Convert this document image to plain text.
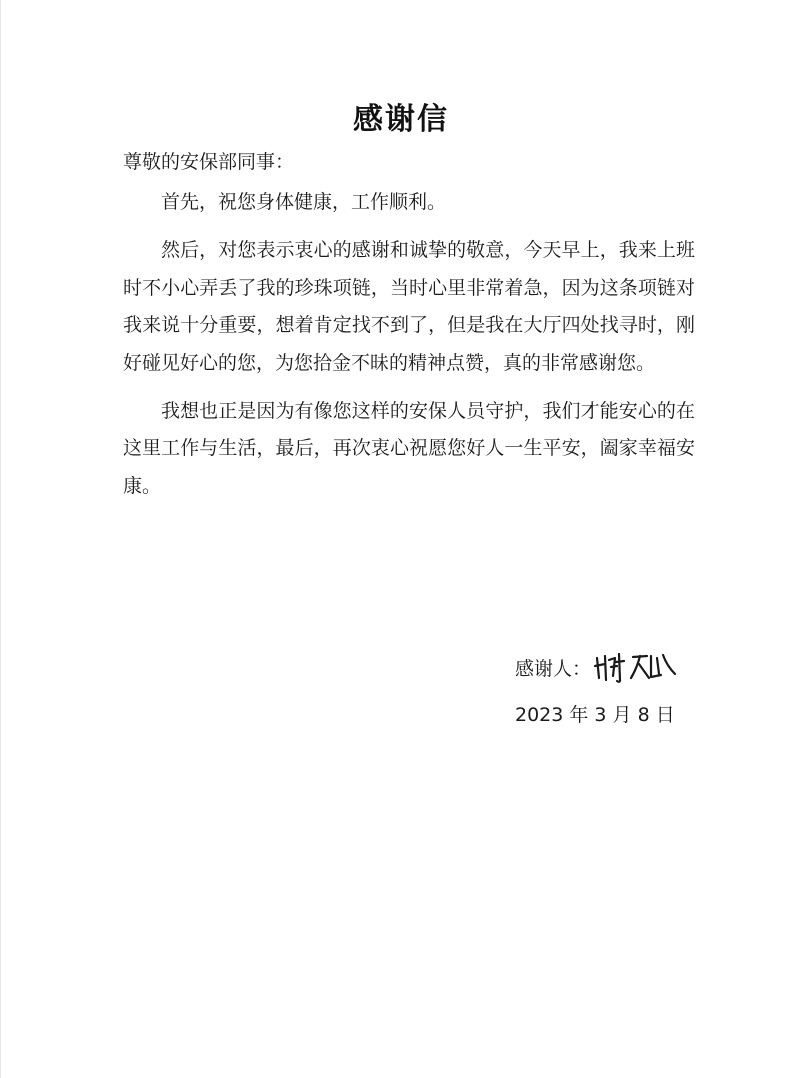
感谢信
尊敬的安保部同事：

首先，祝您身体健康，工作顺利。

然后，对您表示衷心的感谢和诚挚的敬意，今天早上，我来上班时不小心弄丢了我的珍珠项链，当时心里非常着急，因为这条项链对我来说十分重要，想着肯定找不到了，但是我在大厅四处找寻时，刚好碰见好心的您，为您拾金不昧的精神点赞，真的非常感谢您。

我想也正是因为有像您这样的安保人员守护，我们才能安心的在这里工作与生活，最后，再次衷心祝愿您好人一生平安，阖家幸福安康。

感谢人：
2023 年 3 月 8 日
